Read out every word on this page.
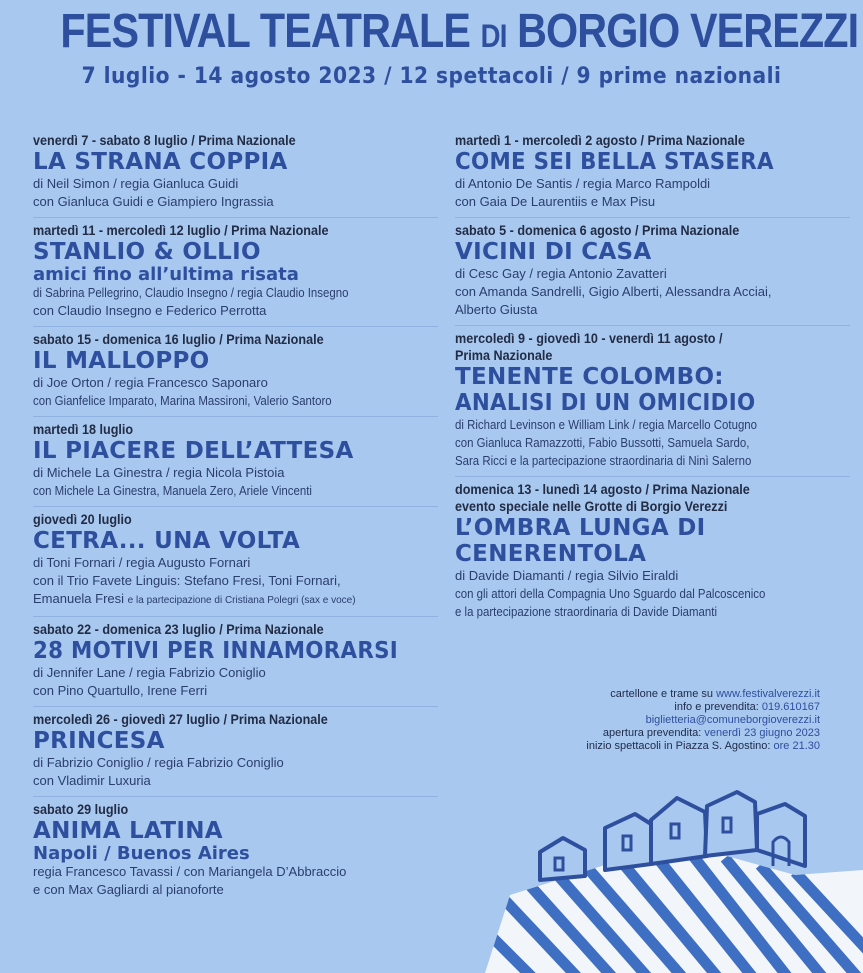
FESTIVAL TEATRALE DI BORGIO VEREZZI
7 luglio - 14 agosto 2023 / 12 spettacoli / 9 prime nazionali
venerdì 7 - sabato 8 luglio / Prima Nazionale
LA STRANA COPPIA
di Neil Simon / regia Gianluca Guidi
con Gianluca Guidi e Giampiero Ingrassia
martedì 11 - mercoledì 12 luglio / Prima Nazionale
STANLIO & OLLIO
amici fino all’ultima risata
di Sabrina Pellegrino, Claudio Insegno / regia Claudio Insegno
con Claudio Insegno e Federico Perrotta
sabato 15 - domenica 16 luglio / Prima Nazionale
IL MALLOPPO
di Joe Orton / regia Francesco Saponaro
con Gianfelice Imparato, Marina Massironi, Valerio Santoro
martedì 18 luglio
IL PIACERE DELL’ATTESA
di Michele La Ginestra / regia Nicola Pistoia
con Michele La Ginestra, Manuela Zero, Ariele Vincenti
giovedì 20 luglio
CETRA... UNA VOLTA
di Toni Fornari / regia Augusto Fornari
con il Trio Favete Linguis: Stefano Fresi, Toni Fornari,
Emanuela Fresi e la partecipazione di Cristiana Polegri (sax e voce)
sabato 22 - domenica 23 luglio / Prima Nazionale
28 MOTIVI PER INNAMORARSI
di Jennifer Lane / regia Fabrizio Coniglio
con Pino Quartullo, Irene Ferri
mercoledì 26 - giovedì 27 luglio / Prima Nazionale
PRINCESA
di Fabrizio Coniglio / regia Fabrizio Coniglio
con Vladimir Luxuria
sabato 29 luglio
ANIMA LATINA
Napoli / Buenos Aires
regia Francesco Tavassi / con Mariangela D’Abbraccio
e con Max Gagliardi al pianoforte
martedì 1 - mercoledì 2 agosto / Prima Nazionale
COME SEI BELLA STASERA
di Antonio De Santis / regia Marco Rampoldi
con Gaia De Laurentiis e Max Pisu
sabato 5 - domenica 6 agosto / Prima Nazionale
VICINI DI CASA
di Cesc Gay / regia Antonio Zavatteri
con Amanda Sandrelli, Gigio Alberti, Alessandra Acciai,
Alberto Giusta
mercoledì 9 - giovedì 10 - venerdì 11 agosto /
Prima Nazionale
TENENTE COLOMBO:
ANALISI DI UN OMICIDIO
di Richard Levinson e William Link / regia Marcello Cotugno
con Gianluca Ramazzotti, Fabio Bussotti, Samuela Sardo,
Sara Ricci e la partecipazione straordinaria di Ninì Salerno
domenica 13 - lunedì 14 agosto / Prima Nazionale
evento speciale nelle Grotte di Borgio Verezzi
L’OMBRA LUNGA DI
CENERENTOLA
di Davide Diamanti / regia Silvio Eiraldi
con gli attori della Compagnia Uno Sguardo dal Palcoscenico
e la partecipazione straordinaria di Davide Diamanti
cartellone e trame su www.festivalverezzi.it
info e prevendita: 019.610167
biglietteria@comuneborgioverezzi.it
apertura prevendita: venerdì 23 giugno 2023
inizio spettacoli in Piazza S. Agostino: ore 21.30
